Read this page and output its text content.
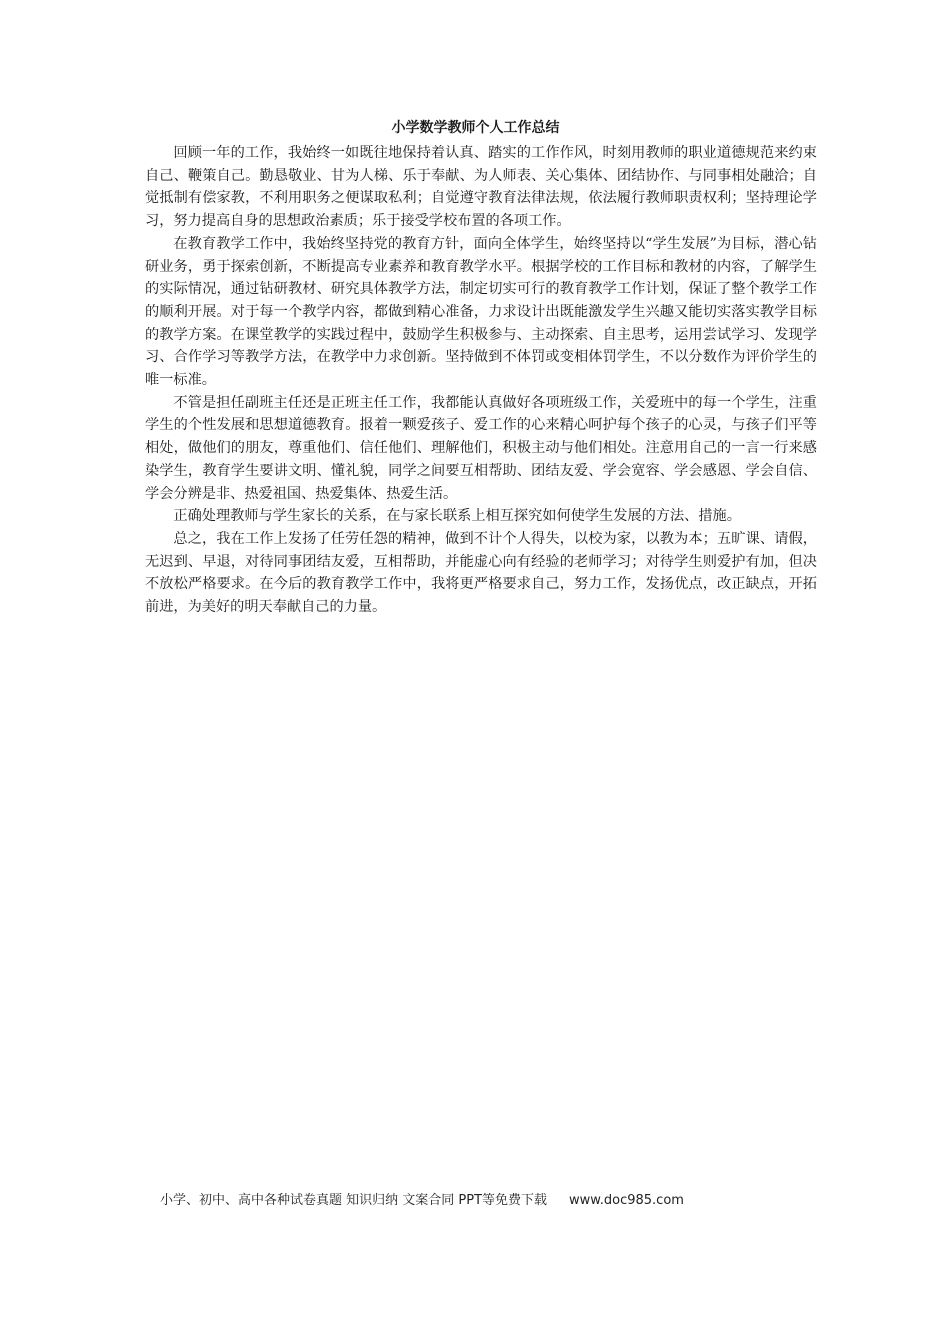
小学数学教师个人工作总结

回顾一年的工作，我始终一如既往地保持着认真、踏实的工作作风，时刻用教师的职业道德规范来约束自己、鞭策自己。勤恳敬业、甘为人梯、乐于奉献、为人师表、关心集体、团结协作、与同事相处融洽；自觉抵制有偿家教，不利用职务之便谋取私利；自觉遵守教育法律法规，依法履行教师职责权利；坚持理论学习，努力提高自身的思想政治素质；乐于接受学校布置的各项工作。

在教育教学工作中，我始终坚持党的教育方针，面向全体学生，始终坚持以“学生发展”为目标，潜心钻研业务，勇于探索创新，不断提高专业素养和教育教学水平。根据学校的工作目标和教材的内容，了解学生的实际情况，通过钻研教材、研究具体教学方法，制定切实可行的教育教学工作计划，保证了整个教学工作的顺利开展。对于每一个教学内容，都做到精心准备，力求设计出既能激发学生兴趣又能切实落实教学目标的教学方案。在课堂教学的实践过程中，鼓励学生积极参与、主动探索、自主思考，运用尝试学习、发现学习、合作学习等教学方法，在教学中力求创新。坚持做到不体罚或变相体罚学生，不以分数作为评价学生的唯一标准。

不管是担任副班主任还是正班主任工作，我都能认真做好各项班级工作，关爱班中的每一个学生，注重学生的个性发展和思想道德教育。报着一颗爱孩子、爱工作的心来精心呵护每个孩子的心灵，与孩子们平等相处，做他们的朋友，尊重他们、信任他们、理解他们，积极主动与他们相处。注意用自己的一言一行来感染学生，教育学生要讲文明、懂礼貌，同学之间要互相帮助、团结友爱、学会宽容、学会感恩、学会自信、学会分辨是非、热爱祖国、热爱集体、热爱生活。

正确处理教师与学生家长的关系，在与家长联系上相互探究如何使学生发展的方法、措施。

总之，我在工作上发扬了任劳任怨的精神，做到不计个人得失，以校为家，以教为本；五旷课、请假，无迟到、早退，对待同事团结友爱，互相帮助，并能虚心向有经验的老师学习；对待学生则爱护有加，但决不放松严格要求。在今后的教育教学工作中，我将更严格要求自己，努力工作，发扬优点，改正缺点，开拓前进，为美好的明天奉献自己的力量。

小学、初中、高中各种试卷真题 知识归纳 文案合同 PPT等免费下载 www.doc985.com
